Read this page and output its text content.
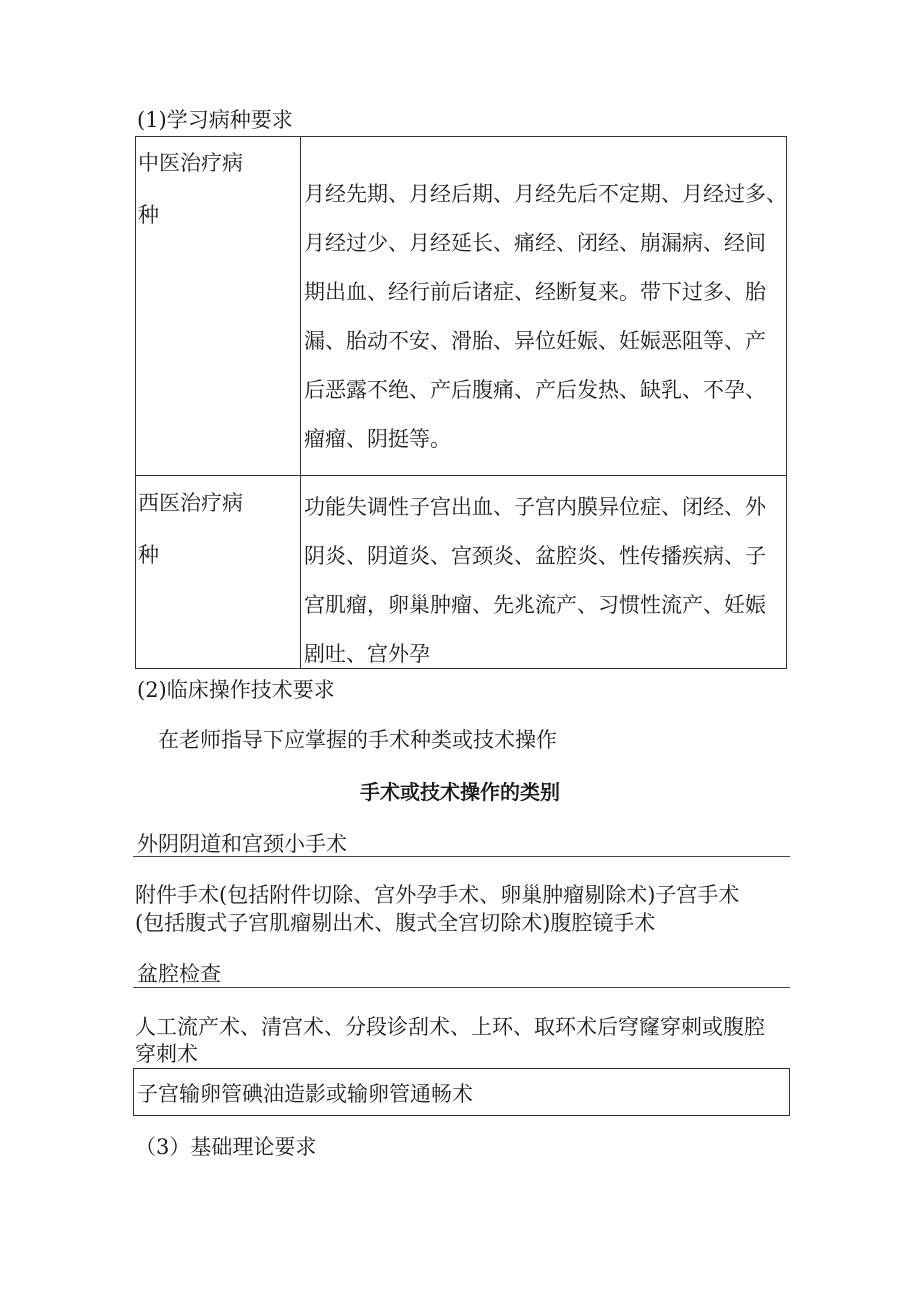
(1)学习病种要求
中医治疗病
种
月经先期、月经后期、月经先后不定期、月经过多、
月经过少、月经延长、痛经、闭经、崩漏病、经间
期出血、经行前后诸症、经断复来。带下过多、胎
漏、胎动不安、滑胎、异位妊娠、妊娠恶阻等、产
后恶露不绝、产后腹痛、产后发热、缺乳、不孕、
瘤瘤、阴挺等。
西医治疗病
种
功能失调性子宫出血、子宫内膜异位症、闭经、外
阴炎、阴道炎、宫颈炎、盆腔炎、性传播疾病、子
宫肌瘤，卵巢肿瘤、先兆流产、习惯性流产、妊娠
剧吐、宫外孕
(2)临床操作技术要求
在老师指导下应掌握的手术种类或技术操作
手术或技术操作的类别
外阴阴道和宫颈小手术
附件手术(包括附件切除、宫外孕手术、卵巢肿瘤剔除术)子宫手术
(包括腹式子宫肌瘤剔出术、腹式全宫切除术)腹腔镜手术
盆腔检查
人工流产术、清宫术、分段诊刮术、上环、取环术后穹窿穿刺或腹腔
穿刺术
子宫输卵管碘油造影或输卵管通畅术
（3）基础理论要求
